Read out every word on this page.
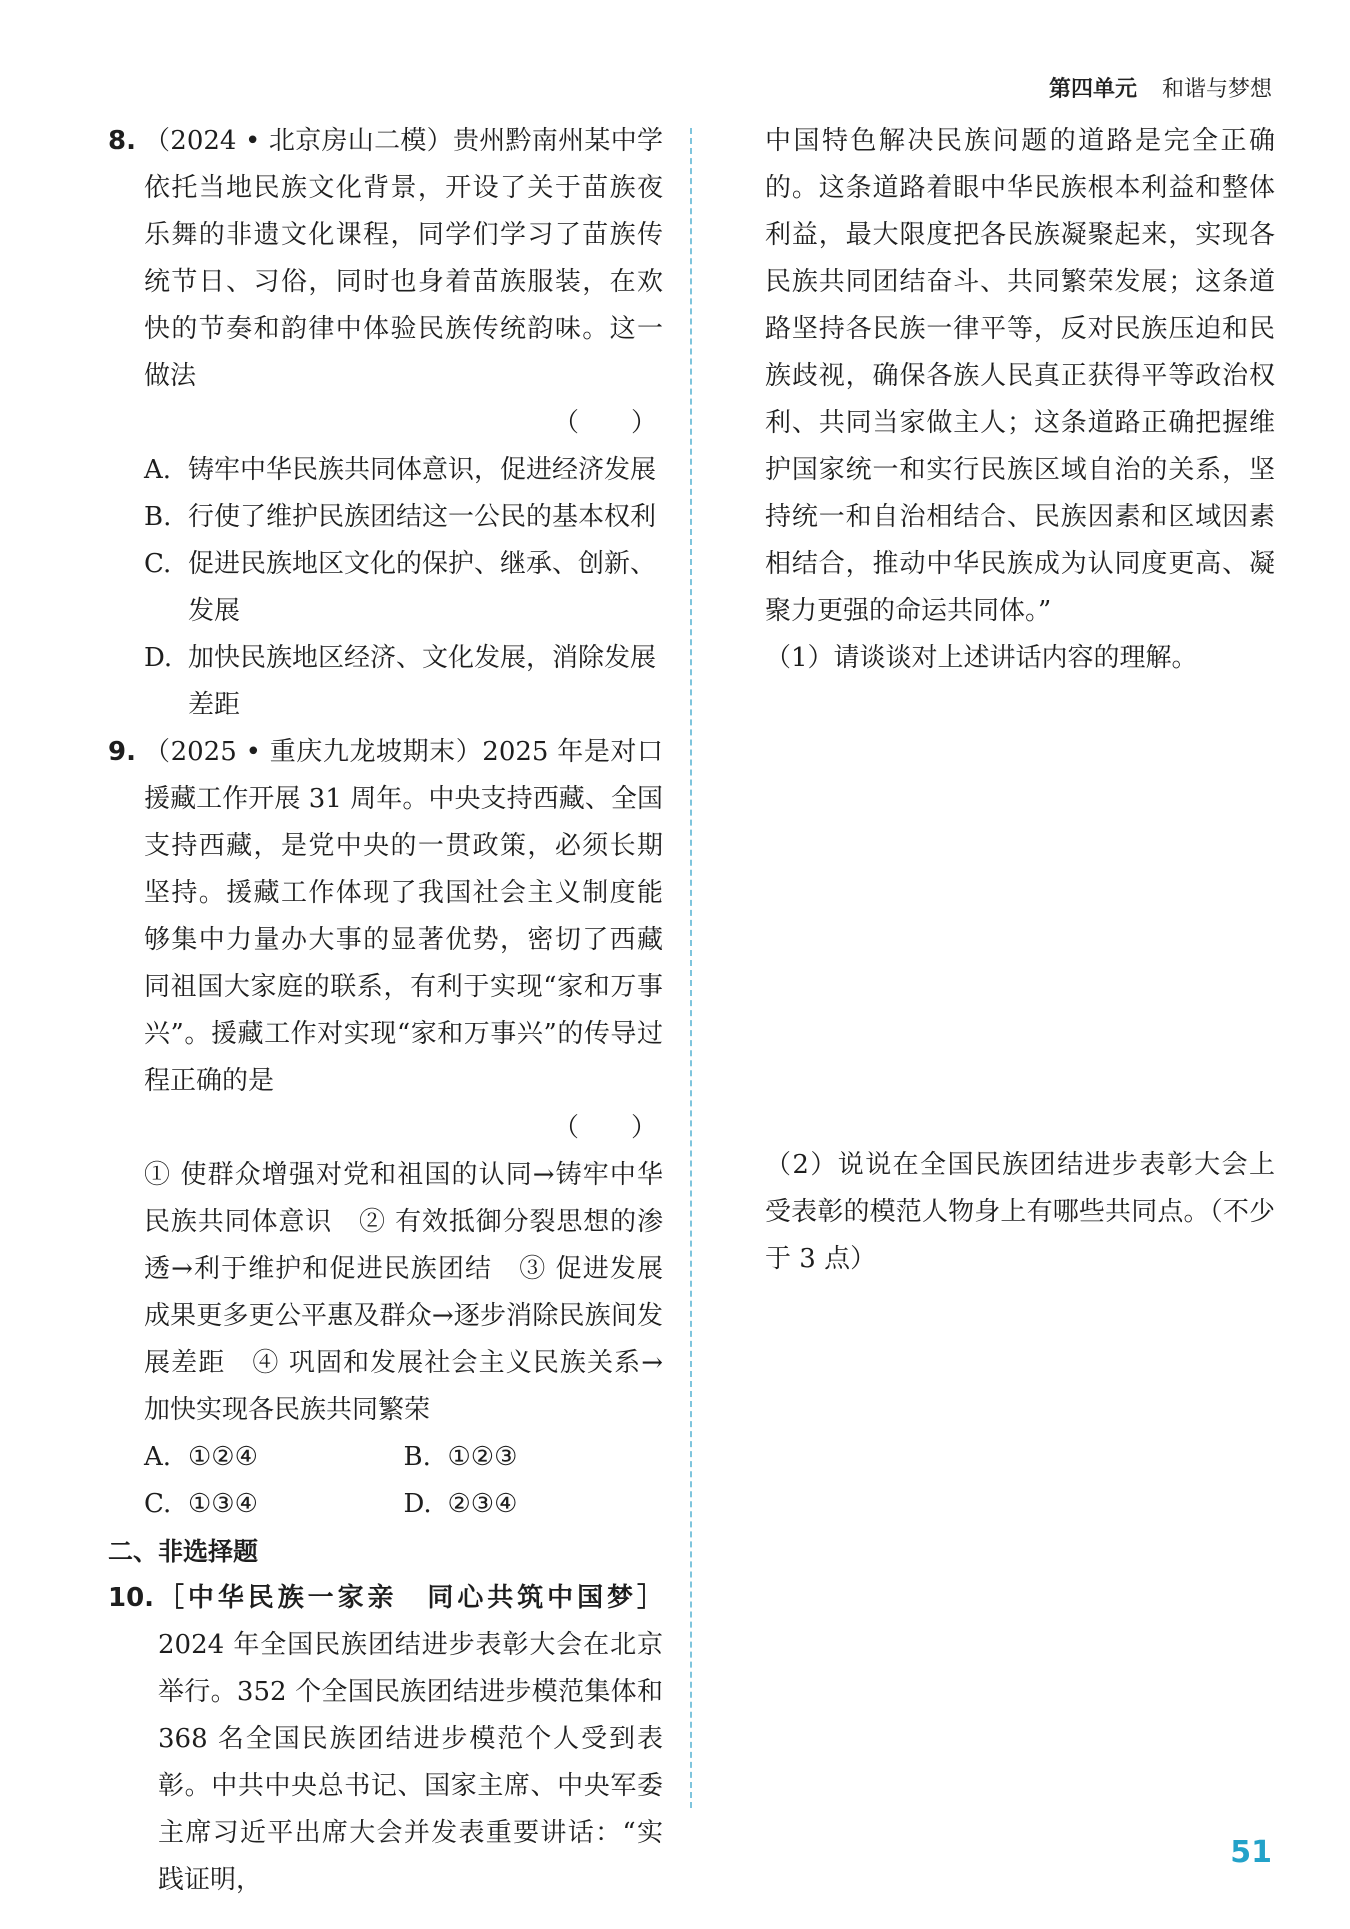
第四单元 和谐与梦想
8. （2024 • 北京房山二模）贵州黔南州某中学依托当地民族文化背景，开设了关于苗族夜乐舞的非遗文化课程，同学们学习了苗族传统节日、习俗，同时也身着苗族服装，在欢快的节奏和韵律中体验民族传统韵味。这一做法
（　　）
A. 铸牢中华民族共同体意识，促进经济发展
B. 行使了维护民族团结这一公民的基本权利
C. 促进民族地区文化的保护、继承、创新、发展
D. 加快民族地区经济、文化发展，消除发展差距
9. （2025 • 重庆九龙坡期末）2025 年是对口援藏工作开展 31 周年。中央支持西藏、全国支持西藏，是党中央的一贯政策，必须长期坚持。援藏工作体现了我国社会主义制度能够集中力量办大事的显著优势，密切了西藏同祖国大家庭的联系，有利于实现“家和万事兴”。援藏工作对实现“家和万事兴”的传导过程正确的是
（　　）
① 使群众增强对党和祖国的认同→铸牢中华民族共同体意识　② 有效抵御分裂思想的渗透→利于维护和促进民族团结　③ 促进发展成果更多更公平惠及群众→逐步消除民族间发展差距　④ 巩固和发展社会主义民族关系→加快实现各民族共同繁荣
A. ①②④	B. ①②③
C. ①③④	D. ②③④
二、非选择题
10. ［中华民族一家亲　同心共筑中国梦］2024 年全国民族团结进步表彰大会在北京举行。352 个全国民族团结进步模范集体和 368 名全国民族团结进步模范个人受到表彰。中共中央总书记、国家主席、中央军委主席习近平出席大会并发表重要讲话：“实践证明，
中国特色解决民族问题的道路是完全正确的。这条道路着眼中华民族根本利益和整体利益，最大限度把各民族凝聚起来，实现各民族共同团结奋斗、共同繁荣发展；这条道路坚持各民族一律平等，反对民族压迫和民族歧视，确保各族人民真正获得平等政治权利、共同当家做主人；这条道路正确把握维护国家统一和实行民族区域自治的关系，坚持统一和自治相结合、民族因素和区域因素相结合，推动中华民族成为认同度更高、凝聚力更强的命运共同体。”
（1）请谈谈对上述讲话内容的理解。
（2）说说在全国民族团结进步表彰大会上受表彰的模范人物身上有哪些共同点。（不少于 3 点）
51
